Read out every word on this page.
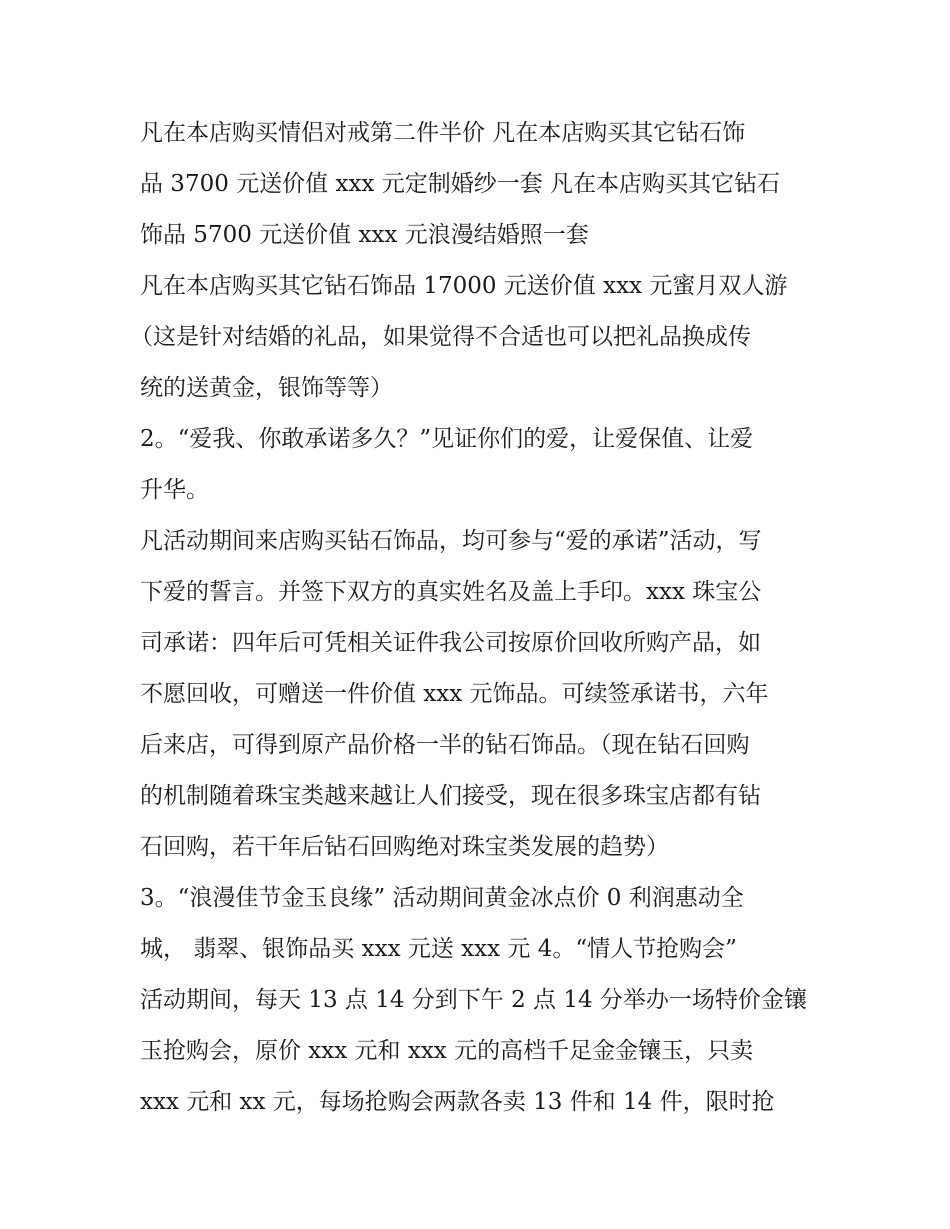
凡在本店购买情侣对戒第二件半价 凡在本店购买其它钻石饰
品 3700 元送价值 xxx 元定制婚纱一套 凡在本店购买其它钻石
饰品 5700 元送价值 xxx 元浪漫结婚照一套
凡在本店购买其它钻石饰品 17000 元送价值 xxx 元蜜月双人游
（这是针对结婚的礼品，如果觉得不合适也可以把礼品换成传
统的送黄金，银饰等等）
2。“爱我、你敢承诺多久？”见证你们的爱，让爱保值、让爱
升华。
凡活动期间来店购买钻石饰品，均可参与“爱的承诺”活动，写
下爱的誓言。并签下双方的真实姓名及盖上手印。xxx 珠宝公
司承诺：四年后可凭相关证件我公司按原价回收所购产品，如
不愿回收，可赠送一件价值 xxx 元饰品。可续签承诺书，六年
后来店，可得到原产品价格一半的钻石饰品。（现在钻石回购
的机制随着珠宝类越来越让人们接受，现在很多珠宝店都有钻
石回购，若干年后钻石回购绝对珠宝类发展的趋势）
3。“浪漫佳节金玉良缘” 活动期间黄金冰点价 0 利润惠动全
城， 翡翠、银饰品买 xxx 元送 xxx 元 4。“情人节抢购会”
活动期间，每天 13 点 14 分到下午 2 点 14 分举办一场特价金镶
玉抢购会，原价 xxx 元和 xxx 元的高档千足金金镶玉，只卖
xxx 元和 xx 元，每场抢购会两款各卖 13 件和 14 件，限时抢
